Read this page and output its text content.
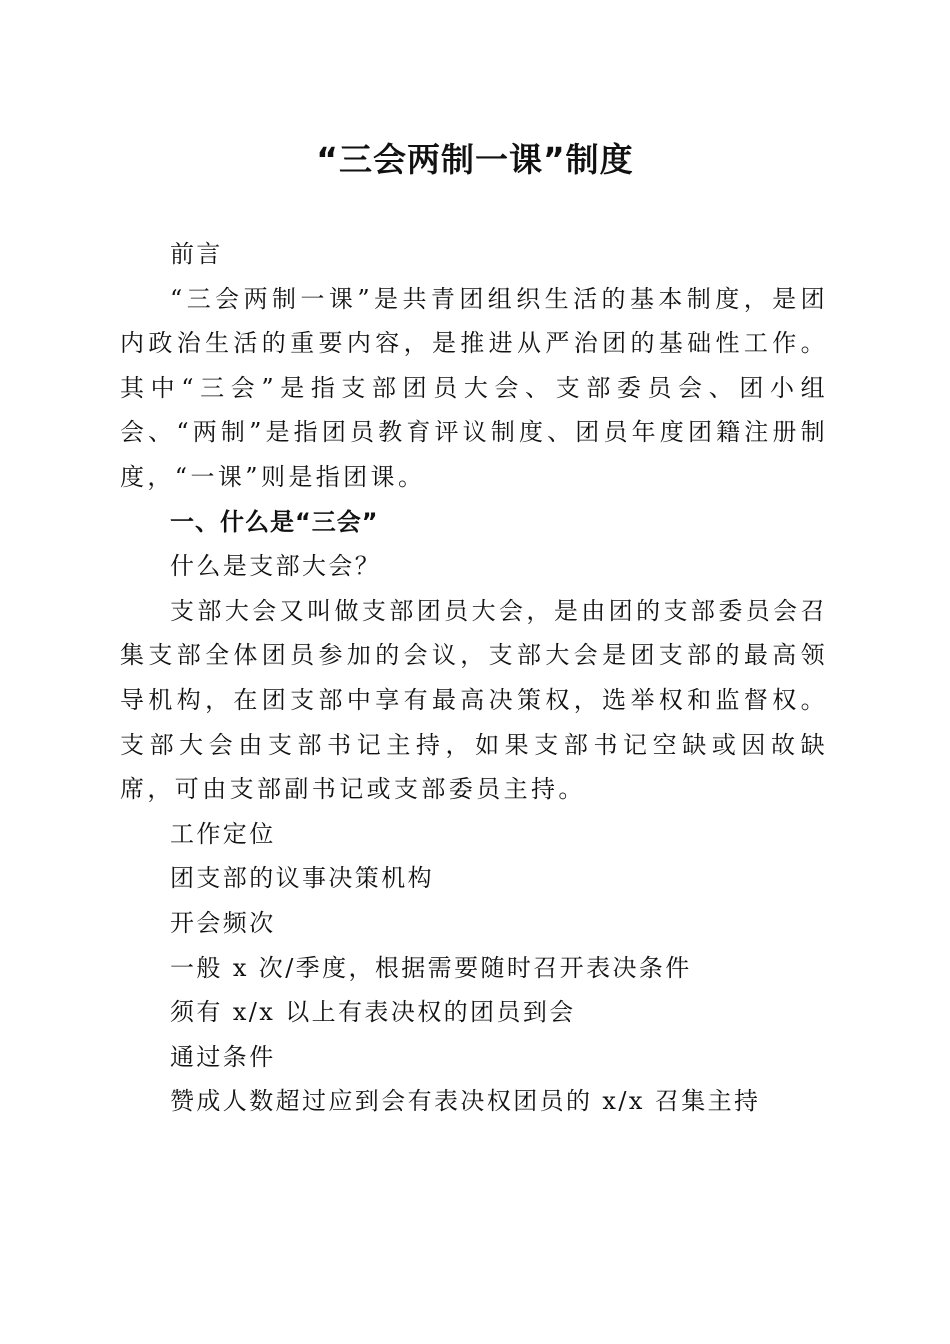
“三会两制一课”制度

前言

“三会两制一课”是共青团组织生活的基本制度，是团内政治生活的重要内容，是推进从严治团的基础性工作。其中“三会”是指支部团员大会、支部委员会、团小组会、“两制”是指团员教育评议制度、团员年度团籍注册制度，“一课”则是指团课。

一、什么是“三会”

什么是支部大会？

支部大会又叫做支部团员大会，是由团的支部委员会召集支部全体团员参加的会议，支部大会是团支部的最高领导机构，在团支部中享有最高决策权，选举权和监督权。支部大会由支部书记主持，如果支部书记空缺或因故缺席，可由支部副书记或支部委员主持。

工作定位

团支部的议事决策机构

开会频次

一般 x 次/季度，根据需要随时召开表决条件

须有 x/x 以上有表决权的团员到会

通过条件

赞成人数超过应到会有表决权团员的 x/x 召集主持
